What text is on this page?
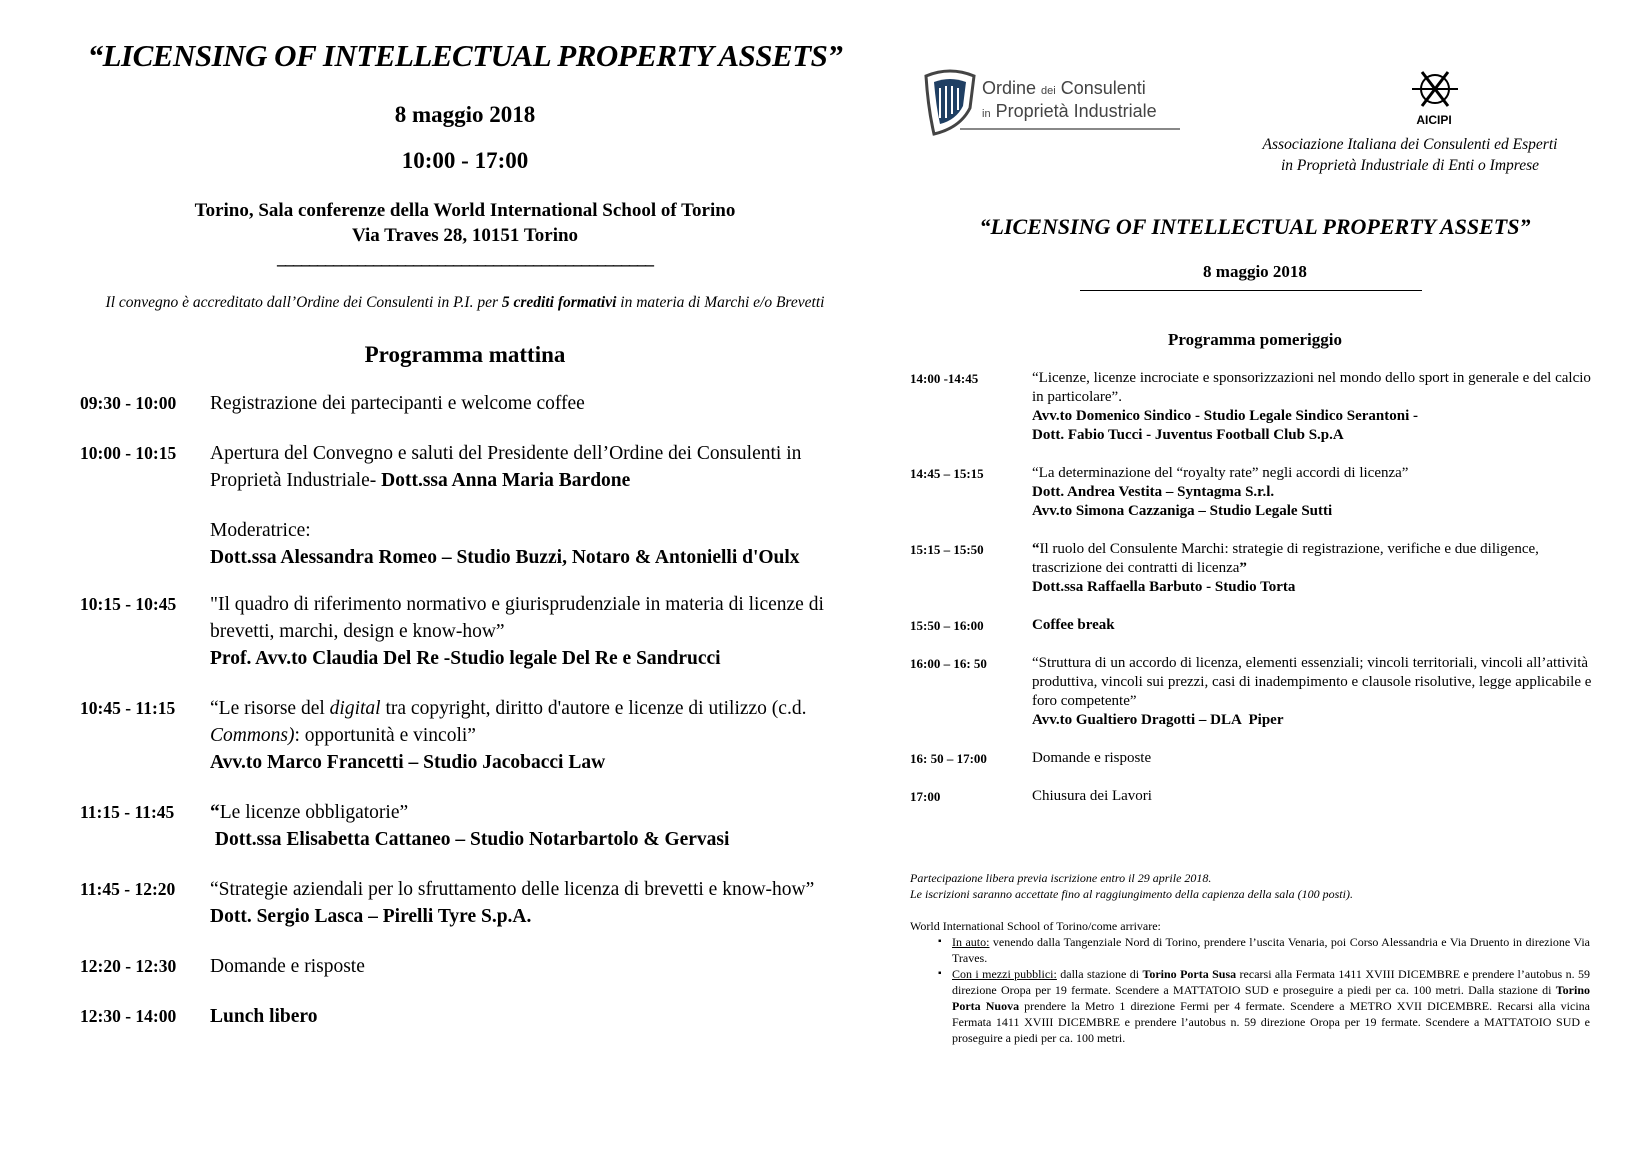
“LICENSING OF INTELLECTUAL PROPERTY ASSETS”
8 maggio 2018
10:00 - 17:00
Torino, Sala conferenze della World International School of Torino
Via Traves 28, 10151 Torino
_______________________________________________
Il convegno è accreditato dall’Ordine dei Consulenti in P.I. per 5 crediti formativi in materia di Marchi e/o Brevetti
Programma mattina
09:30 - 10:00	Registrazione dei partecipanti e welcome coffee
10:00 - 10:15	Apertura del Convegno e saluti del Presidente dell’Ordine dei Consulenti in Proprietà Industriale- Dott.ssa Anna Maria Bardone
Moderatrice:
Dott.ssa Alessandra Romeo – Studio Buzzi, Notaro & Antonielli d'Oulx
10:15 - 10:45	"Il quadro di riferimento normativo e giurisprudenziale in materia di licenze di brevetti, marchi, design e know-how”
Prof. Avv.to Claudia Del Re -Studio legale Del Re e Sandrucci
10:45 - 11:15	“Le risorse del digital tra copyright, diritto d'autore e licenze di utilizzo (c.d. Commons): opportunità e vincoli”
Avv.to Marco Francetti – Studio Jacobacci Law
11:15 - 11:45	“Le licenze obbligatorie”
Dott.ssa Elisabetta Cattaneo – Studio Notarbartolo & Gervasi
11:45 - 12:20	“Strategie aziendali per lo sfruttamento delle licenza di brevetti e know-how”
Dott. Sergio Lasca – Pirelli Tyre S.p.A.
12:20 - 12:30	Domande e risposte
12:30 - 14:00	Lunch libero
Ordine dei Consulenti
in Proprietà Industriale	AICIPI
Associazione Italiana dei Consulenti ed Esperti
in Proprietà Industriale di Enti o Imprese
“LICENSING OF INTELLECTUAL PROPERTY ASSETS”
8 maggio 2018
Programma pomeriggio
14:00 -14:45	“Licenze, licenze incrociate e sponsorizzazioni nel mondo dello sport in generale e del calcio in particolare”.
Avv.to Domenico Sindico - Studio Legale Sindico Serantoni -
Dott. Fabio Tucci - Juventus Football Club S.p.A
14:45 – 15:15	“La determinazione del “royalty rate” negli accordi di licenza”
Dott. Andrea Vestita – Syntagma S.r.l.
Avv.to Simona Cazzaniga – Studio Legale Sutti
15:15 – 15:50	“Il ruolo del Consulente Marchi: strategie di registrazione, verifiche e due diligence, trascrizione dei contratti di licenza”
Dott.ssa Raffaella Barbuto - Studio Torta
15:50 – 16:00	Coffee break
16:00 – 16: 50	“Struttura di un accordo di licenza, elementi essenziali; vincoli territoriali, vincoli all’attività produttiva, vincoli sui prezzi, casi di inadempimento e clausole risolutive, legge applicabile e foro competente”
Avv.to Gualtiero Dragotti – DLA  Piper
16: 50 – 17:00	Domande e risposte
17:00	Chiusura dei Lavori
Partecipazione libera previa iscrizione entro il 29 aprile 2018.
Le iscrizioni saranno accettate fino al raggiungimento della capienza della sala (100 posti).
World International School of Torino/come arrivare:
▪ In auto: venendo dalla Tangenziale Nord di Torino, prendere l’uscita Venaria, poi Corso Alessandria e Via Druento in direzione Via Traves.
▪ Con i mezzi pubblici: dalla stazione di Torino Porta Susa recarsi alla Fermata 1411 XVIII DICEMBRE e prendere l’autobus n. 59 direzione Oropa per 19 fermate. Scendere a MATTATOIO SUD e proseguire a piedi per ca. 100 metri. Dalla stazione di Torino Porta Nuova prendere la Metro 1 direzione Fermi per 4 fermate. Scendere a METRO XVII DICEMBRE. Recarsi alla vicina Fermata 1411 XVIII DICEMBRE e prendere l’autobus n. 59 direzione Oropa per 19 fermate. Scendere a MATTATOIO SUD e proseguire a piedi per ca. 100 metri.
